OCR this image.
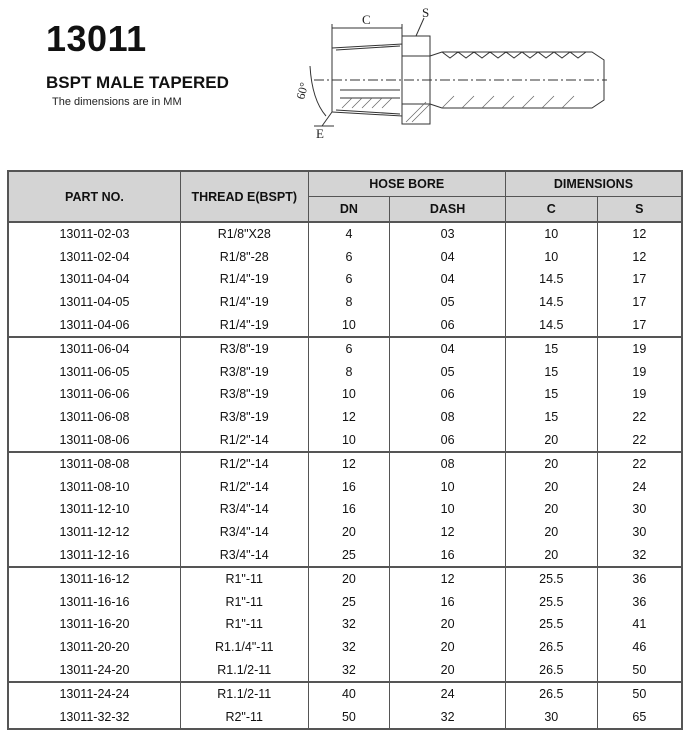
13011
BSPT MALE TAPERED
The dimensions are in MM
C	S
60°
E
PART NO.	THREAD E(BSPT)	HOSE BORE		DIMENSIONS	
		DN	DASH	C	S
13011-02-03	R1/8"X28	4	03	10	12
13011-02-04	R1/8"-28	6	04	10	12
13011-04-04	R1/4"-19	6	04	14.5	17
13011-04-05	R1/4"-19	8	05	14.5	17
13011-04-06	R1/4"-19	10	06	14.5	17
13011-06-04	R3/8"-19	6	04	15	19
13011-06-05	R3/8"-19	8	05	15	19
13011-06-06	R3/8"-19	10	06	15	19
13011-06-08	R3/8"-19	12	08	15	22
13011-08-06	R1/2"-14	10	06	20	22
13011-08-08	R1/2"-14	12	08	20	22
13011-08-10	R1/2"-14	16	10	20	24
13011-12-10	R3/4"-14	16	10	20	30
13011-12-12	R3/4"-14	20	12	20	30
13011-12-16	R3/4"-14	25	16	20	32
13011-16-12	R1"-11	20	12	25.5	36
13011-16-16	R1"-11	25	16	25.5	36
13011-16-20	R1"-11	32	20	25.5	41
13011-20-20	R1.1/4"-11	32	20	26.5	46
13011-24-20	R1.1/2-11	32	20	26.5	50
13011-24-24	R1.1/2-11	40	24	26.5	50
13011-32-32	R2"-11	50	32	30	65
